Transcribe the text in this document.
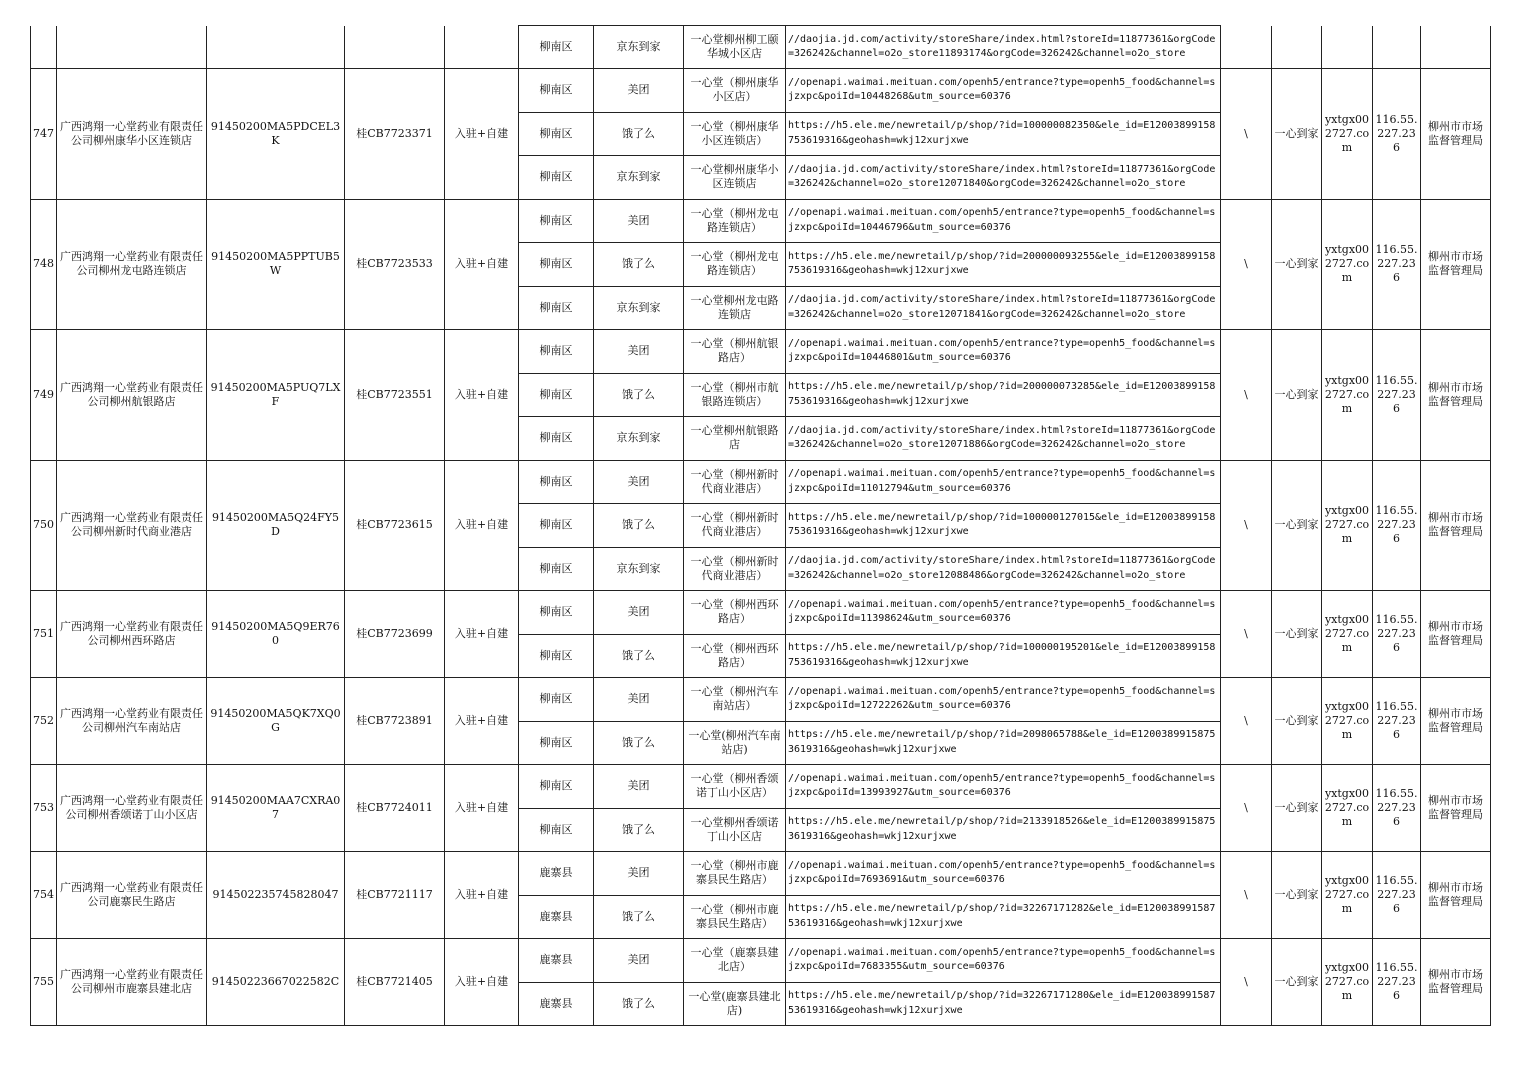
					柳南区	京东到家	一心堂柳州柳工颐华城小区店	//daojia.jd.com/activity/storeShare/index.html?storeId=11877361&orgCode=326242&channel=o2o_store11893174&orgCode=326242&channel=o2o_store					
747	广西鸿翔一心堂药业有限责任公司柳州康华小区连锁店	91450200MA5PDCEL3K	桂CB7723371	入驻+自建	柳南区	美团	一心堂（柳州康华小区店）	//openapi.waimai.meituan.com/openh5/entrance?type=openh5_food&channel=sjzxpc&poiId=10448268&utm_source=60376	\	一心到家	yxtgx002727.com	116.55.227.236	柳州市市场监督管理局
					柳南区	饿了么	一心堂（柳州康华小区连锁店）	https://h5.ele.me/newretail/p/shop/?id=100000082350&ele_id=E12003899158753619316&geohash=wkj12xurjxwe					
					柳南区	京东到家	一心堂柳州康华小区连锁店	//daojia.jd.com/activity/storeShare/index.html?storeId=11877361&orgCode=326242&channel=o2o_store12071840&orgCode=326242&channel=o2o_store					
748	广西鸿翔一心堂药业有限责任公司柳州龙屯路连锁店	91450200MA5PPTUB5W	桂CB7723533	入驻+自建	柳南区	美团	一心堂（柳州龙屯路连锁店）	//openapi.waimai.meituan.com/openh5/entrance?type=openh5_food&channel=sjzxpc&poiId=10446796&utm_source=60376	\	一心到家	yxtgx002727.com	116.55.227.236	柳州市市场监督管理局
					柳南区	饿了么	一心堂（柳州龙屯路连锁店）	https://h5.ele.me/newretail/p/shop/?id=200000093255&ele_id=E12003899158753619316&geohash=wkj12xurjxwe					
					柳南区	京东到家	一心堂柳州龙屯路连锁店	//daojia.jd.com/activity/storeShare/index.html?storeId=11877361&orgCode=326242&channel=o2o_store12071841&orgCode=326242&channel=o2o_store					
749	广西鸿翔一心堂药业有限责任公司柳州航银路店	91450200MA5PUQ7LXF	桂CB7723551	入驻+自建	柳南区	美团	一心堂（柳州航银路店）	//openapi.waimai.meituan.com/openh5/entrance?type=openh5_food&channel=sjzxpc&poiId=10446801&utm_source=60376	\	一心到家	yxtgx002727.com	116.55.227.236	柳州市市场监督管理局
					柳南区	饿了么	一心堂（柳州市航银路连锁店）	https://h5.ele.me/newretail/p/shop/?id=200000073285&ele_id=E12003899158753619316&geohash=wkj12xurjxwe					
					柳南区	京东到家	一心堂柳州航银路店	//daojia.jd.com/activity/storeShare/index.html?storeId=11877361&orgCode=326242&channel=o2o_store12071886&orgCode=326242&channel=o2o_store					
750	广西鸿翔一心堂药业有限责任公司柳州新时代商业港店	91450200MA5Q24FY5D	桂CB7723615	入驻+自建	柳南区	美团	一心堂（柳州新时代商业港店）	//openapi.waimai.meituan.com/openh5/entrance?type=openh5_food&channel=sjzxpc&poiId=11012794&utm_source=60376	\	一心到家	yxtgx002727.com	116.55.227.236	柳州市市场监督管理局
					柳南区	饿了么	一心堂（柳州新时代商业港店）	https://h5.ele.me/newretail/p/shop/?id=100000127015&ele_id=E12003899158753619316&geohash=wkj12xurjxwe					
					柳南区	京东到家	一心堂（柳州新时代商业港店）	//daojia.jd.com/activity/storeShare/index.html?storeId=11877361&orgCode=326242&channel=o2o_store12088486&orgCode=326242&channel=o2o_store					
751	广西鸿翔一心堂药业有限责任公司柳州西环路店	91450200MA5Q9ER760	桂CB7723699	入驻+自建	柳南区	美团	一心堂（柳州西环路店）	//openapi.waimai.meituan.com/openh5/entrance?type=openh5_food&channel=sjzxpc&poiId=11398624&utm_source=60376	\	一心到家	yxtgx002727.com	116.55.227.236	柳州市市场监督管理局
					柳南区	饿了么	一心堂（柳州西环路店）	https://h5.ele.me/newretail/p/shop/?id=100000195201&ele_id=E12003899158753619316&geohash=wkj12xurjxwe					
752	广西鸿翔一心堂药业有限责任公司柳州汽车南站店	91450200MA5QK7XQ0G	桂CB7723891	入驻+自建	柳南区	美团	一心堂（柳州汽车南站店）	//openapi.waimai.meituan.com/openh5/entrance?type=openh5_food&channel=sjzxpc&poiId=12722262&utm_source=60376	\	一心到家	yxtgx002727.com	116.55.227.236	柳州市市场监督管理局
					柳南区	饿了么	一心堂(柳州汽车南站店)	https://h5.ele.me/newretail/p/shop/?id=2098065788&ele_id=E12003899158753619316&geohash=wkj12xurjxwe					
753	广西鸿翔一心堂药业有限责任公司柳州香颂诺丁山小区店	91450200MAA7CXRA07	桂CB7724011	入驻+自建	柳南区	美团	一心堂（柳州香颂诺丁山小区店）	//openapi.waimai.meituan.com/openh5/entrance?type=openh5_food&channel=sjzxpc&poiId=13993927&utm_source=60376	\	一心到家	yxtgx002727.com	116.55.227.236	柳州市市场监督管理局
					柳南区	饿了么	一心堂柳州香颂诺丁山小区店	https://h5.ele.me/newretail/p/shop/?id=2133918526&ele_id=E12003899158753619316&geohash=wkj12xurjxwe					
754	广西鸿翔一心堂药业有限责任公司鹿寨民生路店	914502235745828047	桂CB7721117	入驻+自建	鹿寨县	美团	一心堂（柳州市鹿寨县民生路店）	//openapi.waimai.meituan.com/openh5/entrance?type=openh5_food&channel=sjzxpc&poiId=7693691&utm_source=60376	\	一心到家	yxtgx002727.com	116.55.227.236	柳州市市场监督管理局
					鹿寨县	饿了么	一心堂（柳州市鹿寨县民生路店）	https://h5.ele.me/newretail/p/shop/?id=32267171282&ele_id=E12003899158753619316&geohash=wkj12xurjxwe					
755	广西鸿翔一心堂药业有限责任公司柳州市鹿寨县建北店	91450223667022582C	桂CB7721405	入驻+自建	鹿寨县	美团	一心堂（鹿寨县建北店）	//openapi.waimai.meituan.com/openh5/entrance?type=openh5_food&channel=sjzxpc&poiId=7683355&utm_source=60376	\	一心到家	yxtgx002727.com	116.55.227.236	柳州市市场监督管理局
					鹿寨县	饿了么	一心堂(鹿寨县建北店)	https://h5.ele.me/newretail/p/shop/?id=32267171280&ele_id=E12003899158753619316&geohash=wkj12xurjxwe					
